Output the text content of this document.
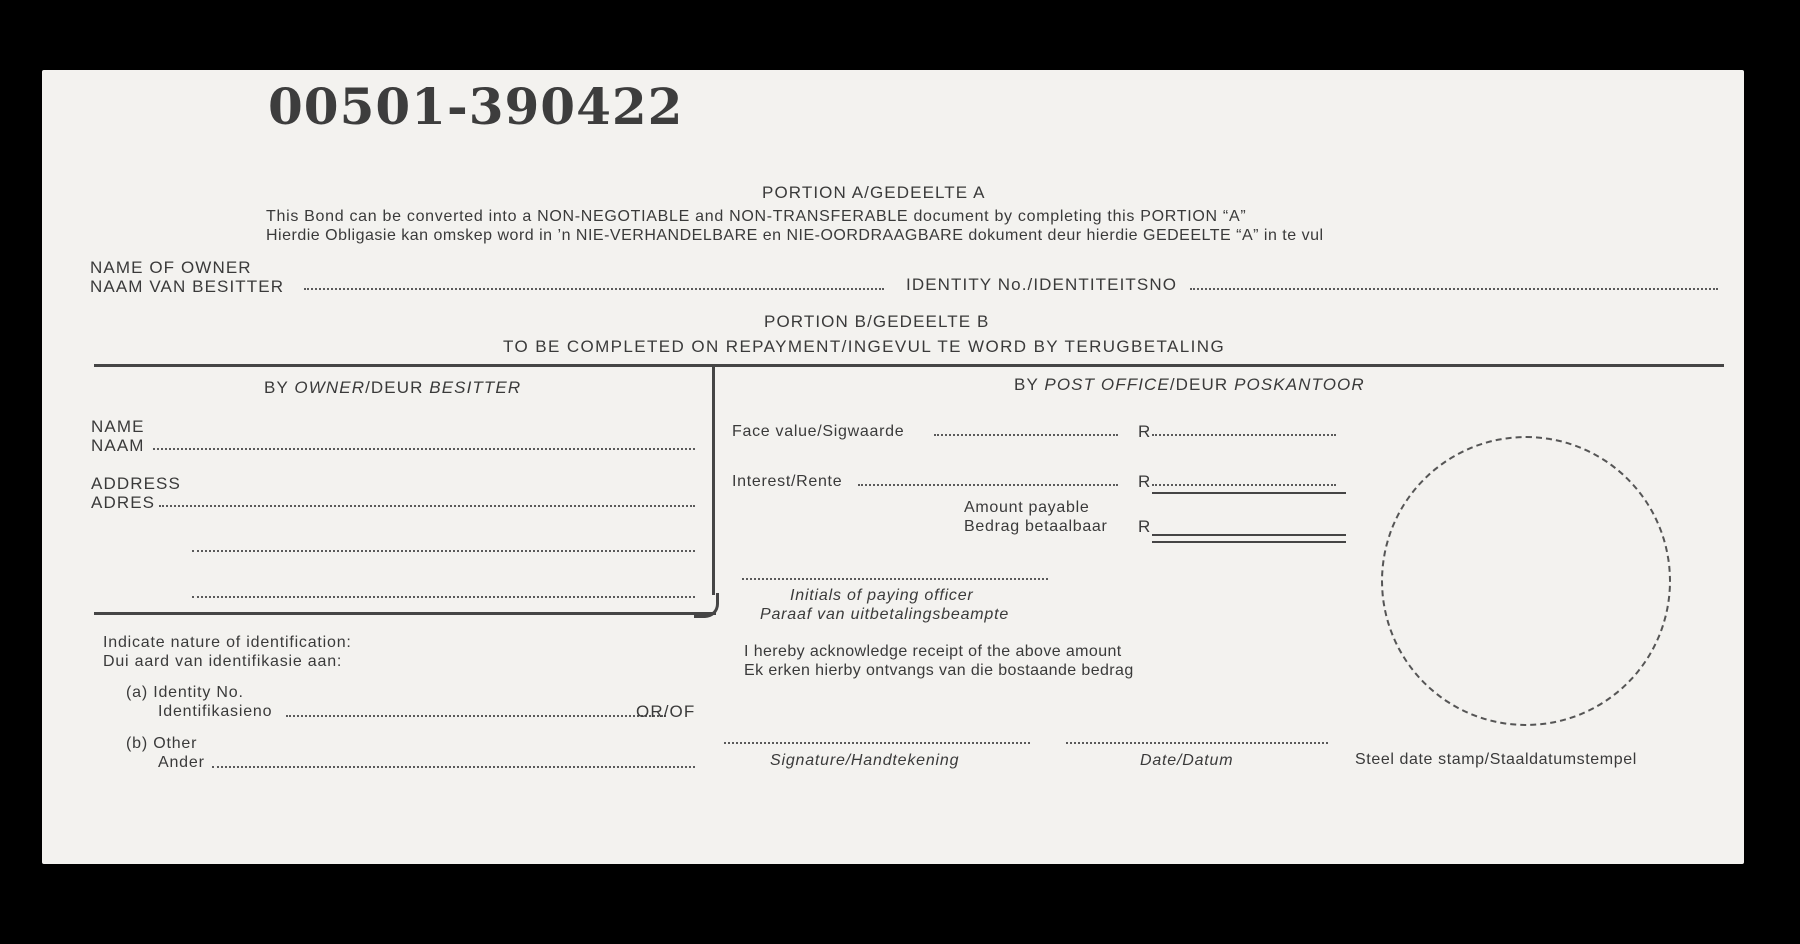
00501-390422
PORTION A/GEDEELTE A
This Bond can be converted into a NON-NEGOTIABLE and NON-TRANSFERABLE document by completing this PORTION “A”
Hierdie Obligasie kan omskep word in ’n NIE-VERHANDELBARE en NIE-OORDRAAGBARE dokument deur hierdie GEDEELTE “A” in te vul
NAME OF OWNER
NAAM VAN BESITTER	IDENTITY No./IDENTITEITSNO
PORTION B/GEDEELTE B
TO BE COMPLETED ON REPAYMENT/INGEVUL TE WORD BY TERUGBETALING
BY OWNER/DEUR BESITTER
NAME
NAAM
ADDRESS
ADRES
Indicate nature of identification:
Dui aard van identifikasie aan:
(a) Identity No.
Identifikasieno	OR/OF
(b) Other
Ander
BY POST OFFICE/DEUR POSKANTOOR
Face value/Sigwaarde	R
Interest/Rente	R
Amount payable
Bedrag betaalbaar R
Initials of paying officer
Paraaf van uitbetalingsbeampte
I hereby acknowledge receipt of the above amount
Ek erken hierby ontvangs van die bostaande bedrag
Signature/Handtekening	Date/Datum	Steel date stamp/Staaldatumstempel
